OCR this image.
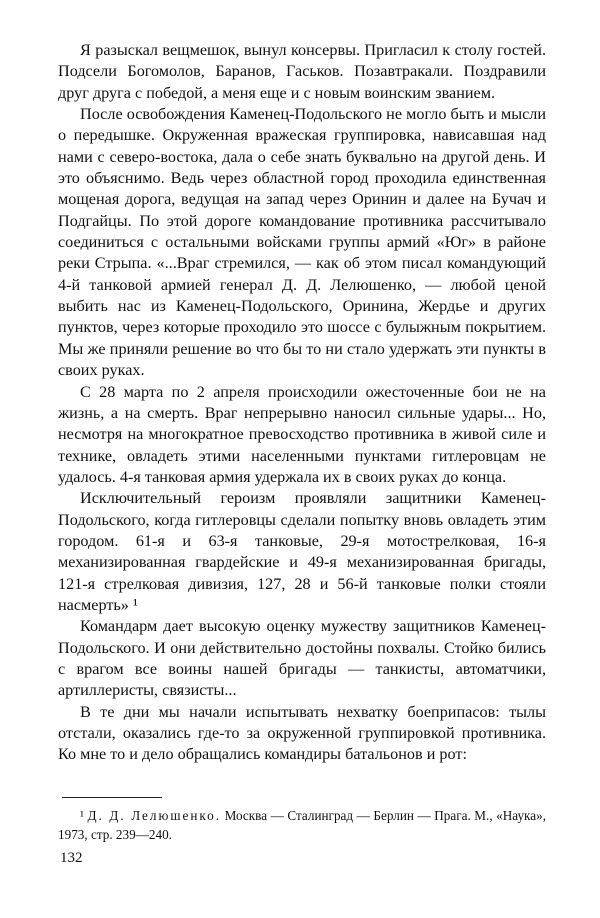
Я разыскал вещмешок, вынул консервы. Пригласил к столу гостей. Подсели Богомолов, Баранов, Гаськов. Позавтракали. Поздравили друг друга с победой, а меня еще и с новым воинским званием.

После освобождения Каменец-Подольского не могло быть и мысли о передышке. Окруженная вражеская группировка, нависавшая над нами с северо-востока, дала о себе знать буквально на другой день. И это объяснимо. Ведь через областной город проходила единственная мощеная дорога, ведущая на запад через Оринин и далее на Бучач и Подгайцы. По этой дороге командование противника рассчитывало соединиться с остальными войсками группы армий «Юг» в районе реки Стрыпа. «...Враг стремился, — как об этом писал командующий 4-й танковой армией генерал Д. Д. Лелюшенко, — любой ценой выбить нас из Каменец-Подольского, Оринина, Жердье и других пунктов, через которые проходило это шоссе с булыжным покрытием. Мы же приняли решение во что бы то ни стало удержать эти пункты в своих руках.

С 28 марта по 2 апреля происходили ожесточенные бои не на жизнь, а на смерть. Враг непрерывно наносил сильные удары... Но, несмотря на многократное превосходство противника в живой силе и технике, овладеть этими населенными пунктами гитлеровцам не удалось. 4-я танковая армия удержала их в своих руках до конца.

Исключительный героизм проявляли защитники Каменец-Подольского, когда гитлеровцы сделали попытку вновь овладеть этим городом. 61-я и 63-я танковые, 29-я мотострелковая, 16-я механизированная гвардейские и 49-я механизированная бригады, 121-я стрелковая дивизия, 127, 28 и 56-й танковые полки стояли насмерть» ¹

Командарм дает высокую оценку мужеству защитников Каменец-Подольского. И они действительно достойны похвалы. Стойко бились с врагом все воины нашей бригады — танкисты, автоматчики, артиллеристы, связисты...

В те дни мы начали испытывать нехватку боеприпасов: тылы отстали, оказались где-то за окруженной группировкой противника. Ко мне то и дело обращались командиры батальонов и рот:

¹ Д. Д. Лелюшенко. Москва — Сталинград — Берлин — Прага. М., «Наука», 1973, стр. 239—240.

132
